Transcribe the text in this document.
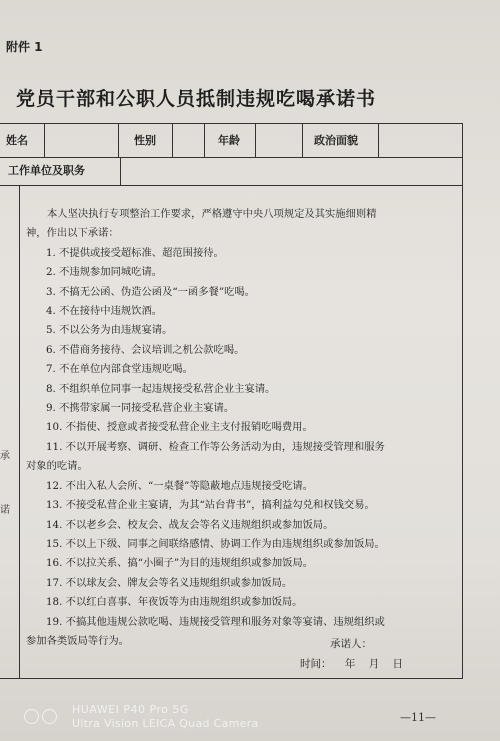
附件 1
党员干部和公职人员抵制违规吃喝承诺书
姓名	性别	年龄	政治面貌
工作单位及职务
承
诺

本人坚决执行专项整治工作要求，严格遵守中央八项规定及其实施细则精

神，作出以下承诺：

1. 不提供或接受超标准、超范围接待。

2. 不违规参加同城吃请。

3. 不搞无公函、伪造公函及“一函多餐”吃喝。

4. 不在接待中违规饮酒。

5. 不以公务为由违规宴请。

6. 不借商务接待、会议培训之机公款吃喝。

7. 不在单位内部食堂违规吃喝。

8. 不组织单位同事一起违规接受私营企业主宴请。

9. 不携带家属一同接受私营企业主宴请。

10. 不指使、授意或者接受私营企业主支付报销吃喝费用。

11. 不以开展考察、调研、检查工作等公务活动为由，违规接受管理和服务

对象的吃请。

12. 不出入私人会所、“一桌餐”等隐蔽地点违规接受吃请。

13. 不接受私营企业主宴请，为其“站台背书”，搞利益勾兑和权钱交易。

14. 不以老乡会、校友会、战友会等名义违规组织或参加饭局。

15. 不以上下级、同事之间联络感情、协调工作为由违规组织或参加饭局。

16. 不以拉关系、搞“小圈子”为目的违规组织或参加饭局。

17. 不以球友会、牌友会等名义违规组织或参加饭局。

18. 不以红白喜事、年夜饭等为由违规组织或参加饭局。

19. 不搞其他违规公款吃喝、违规接受管理和服务对象等宴请、违规组织或

参加各类饭局等行为。	承诺人：
时间：    年    月    日
HUAWEI P40 Pro 5G
Ultra Vision LEICA Quad Camera	—11—
